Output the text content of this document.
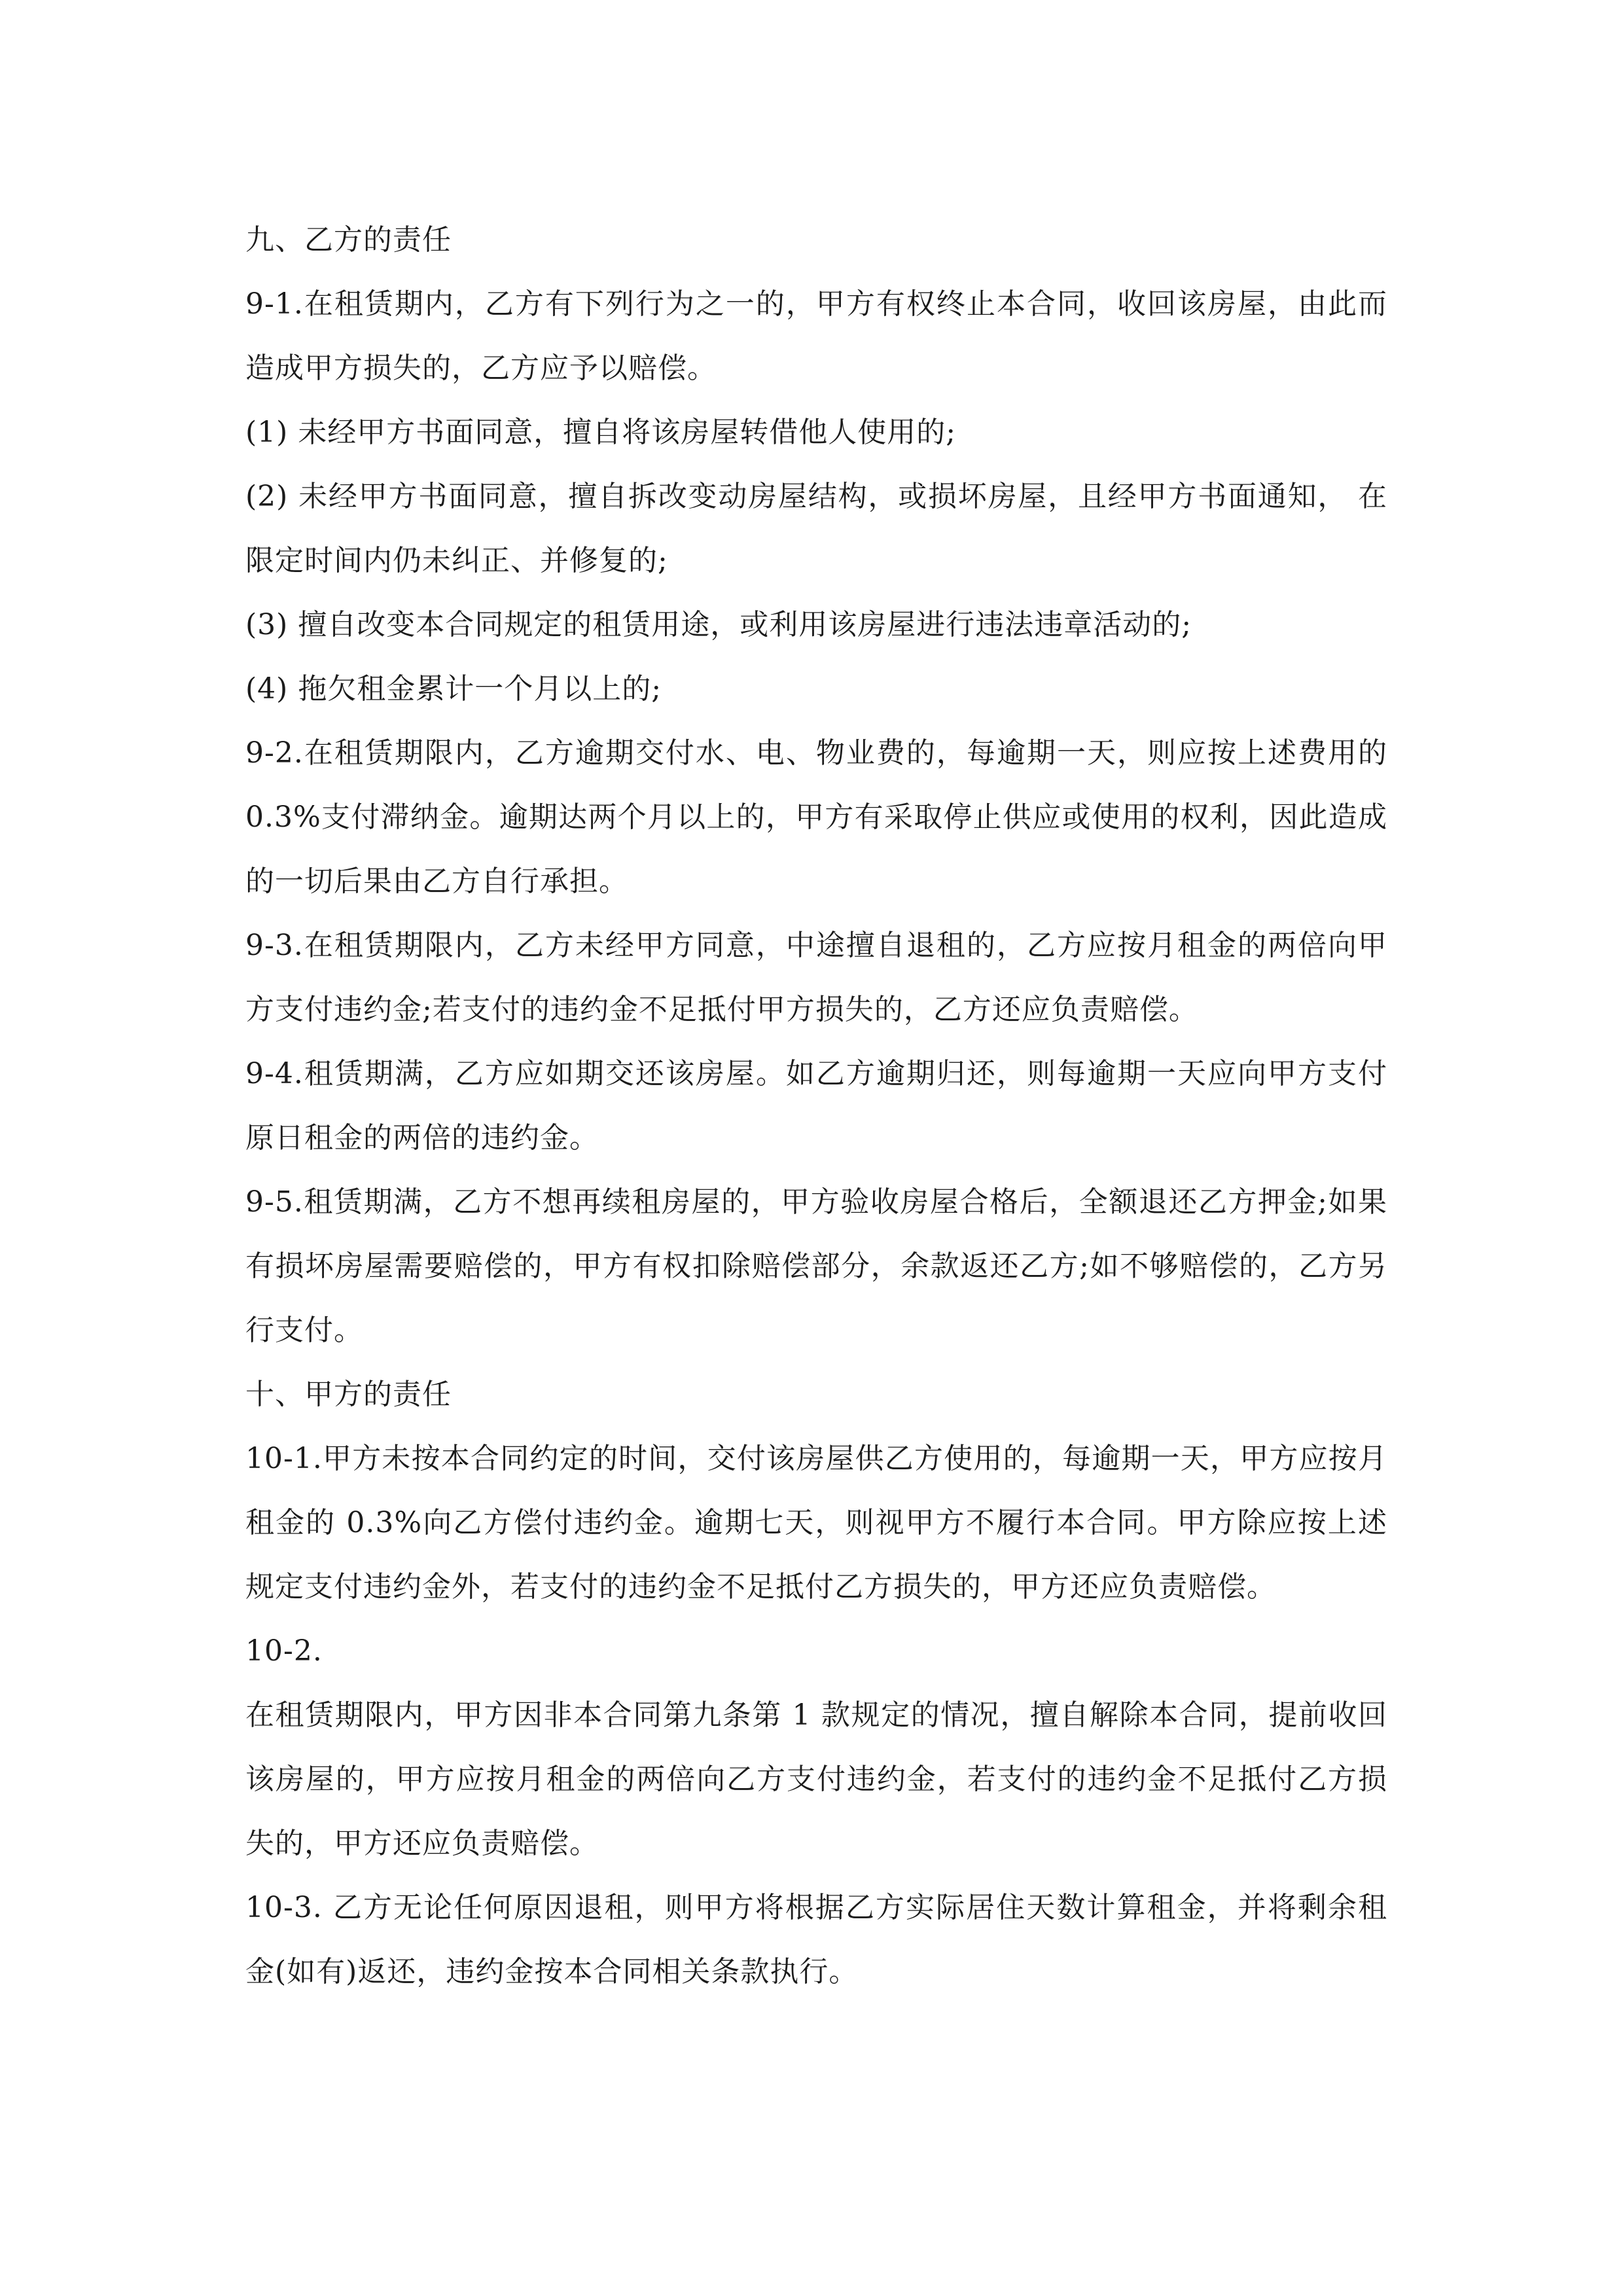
九、乙方的责任

9-1.在租赁期内，乙方有下列行为之一的，甲方有权终止本合同，收回该房屋，由此而造成甲方损失的，乙方应予以赔偿。

(1) 未经甲方书面同意，擅自将该房屋转借他人使用的;

(2) 未经甲方书面同意，擅自拆改变动房屋结构，或损坏房屋，且经甲方书面通知， 在限定时间内仍未纠正、并修复的;

(3) 擅自改变本合同规定的租赁用途，或利用该房屋进行违法违章活动的;

(4) 拖欠租金累计一个月以上的;

9-2.在租赁期限内，乙方逾期交付水、电、物业费的，每逾期一天，则应按上述费用的 0.3%支付滞纳金。逾期达两个月以上的，甲方有采取停止供应或使用的权利，因此造成的一切后果由乙方自行承担。

9-3.在租赁期限内，乙方未经甲方同意，中途擅自退租的，乙方应按月租金的两倍向甲方支付违约金;若支付的违约金不足抵付甲方损失的，乙方还应负责赔偿。

9-4.租赁期满，乙方应如期交还该房屋。如乙方逾期归还，则每逾期一天应向甲方支付原日租金的两倍的违约金。

9-5.租赁期满，乙方不想再续租房屋的，甲方验收房屋合格后，全额退还乙方押金;如果有损坏房屋需要赔偿的，甲方有权扣除赔偿部分，余款返还乙方;如不够赔偿的，乙方另行支付。

十、甲方的责任

10-1.甲方未按本合同约定的时间，交付该房屋供乙方使用的，每逾期一天，甲方应按月租金的 0.3%向乙方偿付违约金。逾期七天，则视甲方不履行本合同。甲方除应按上述规定支付违约金外，若支付的违约金不足抵付乙方损失的，甲方还应负责赔偿。

10-2.

在租赁期限内，甲方因非本合同第九条第 1 款规定的情况，擅自解除本合同，提前收回该房屋的，甲方应按月租金的两倍向乙方支付违约金，若支付的违约金不足抵付乙方损失的，甲方还应负责赔偿。

10-3. 乙方无论任何原因退租，则甲方将根据乙方实际居住天数计算租金，并将剩余租金(如有)返还，违约金按本合同相关条款执行。
